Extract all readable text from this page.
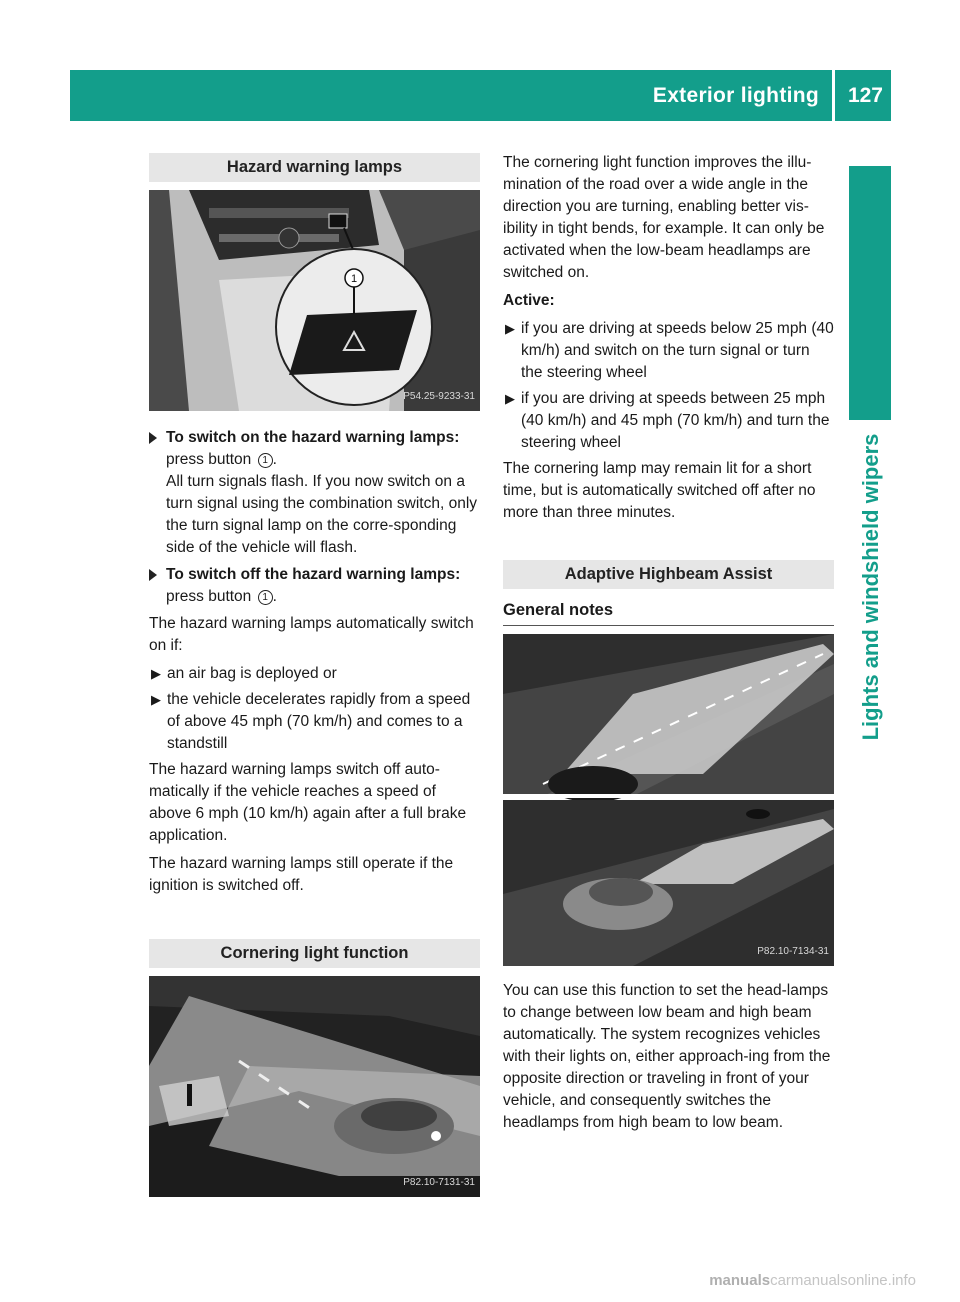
Exterior lighting 127
Lights and windshield wipers
Hazard warning lamps
1
P54.25-9233-31
To switch on the hazard warning lamps:
press button 1 .
All turn signals flash. If you now switch on a turn signal using the combination switch, only the turn signal lamp on the corre-sponding side of the vehicle will flash.
To switch off the hazard warning lamps:
press button 1 .

The hazard warning lamps automatically switch on if:

▶ an air bag is deployed or
▶ the vehicle decelerates rapidly from a speed of above 45 mph (70 km/h) and comes to a standstill

The hazard warning lamps switch off auto-matically if the vehicle reaches a speed of above 6 mph (10 km/h) again after a full brake application.

The hazard warning lamps still operate if the ignition is switched off.

Cornering light function
P82.10-7131-31

The cornering light function improves the illu-mination of the road over a wide angle in the direction you are turning, enabling better vis-ibility in tight bends, for example. It can only be activated when the low-beam headlamps are switched on.

Active:

▶ if you are driving at speeds below 25 mph (40 km/h) and switch on the turn signal or turn the steering wheel
▶ if you are driving at speeds between 25 mph (40 km/h) and 45 mph (70 km/h) and turn the steering wheel

The cornering lamp may remain lit for a short time, but is automatically switched off after no more than three minutes.

Adaptive Highbeam Assist
General notes
P82.10-7134-31

You can use this function to set the head-lamps to change between low beam and high beam automatically. The system recognizes vehicles with their lights on, either approach-ing from the opposite direction or traveling in front of your vehicle, and consequently switches the headlamps from high beam to low beam.

manualscarmanualsonline.info
